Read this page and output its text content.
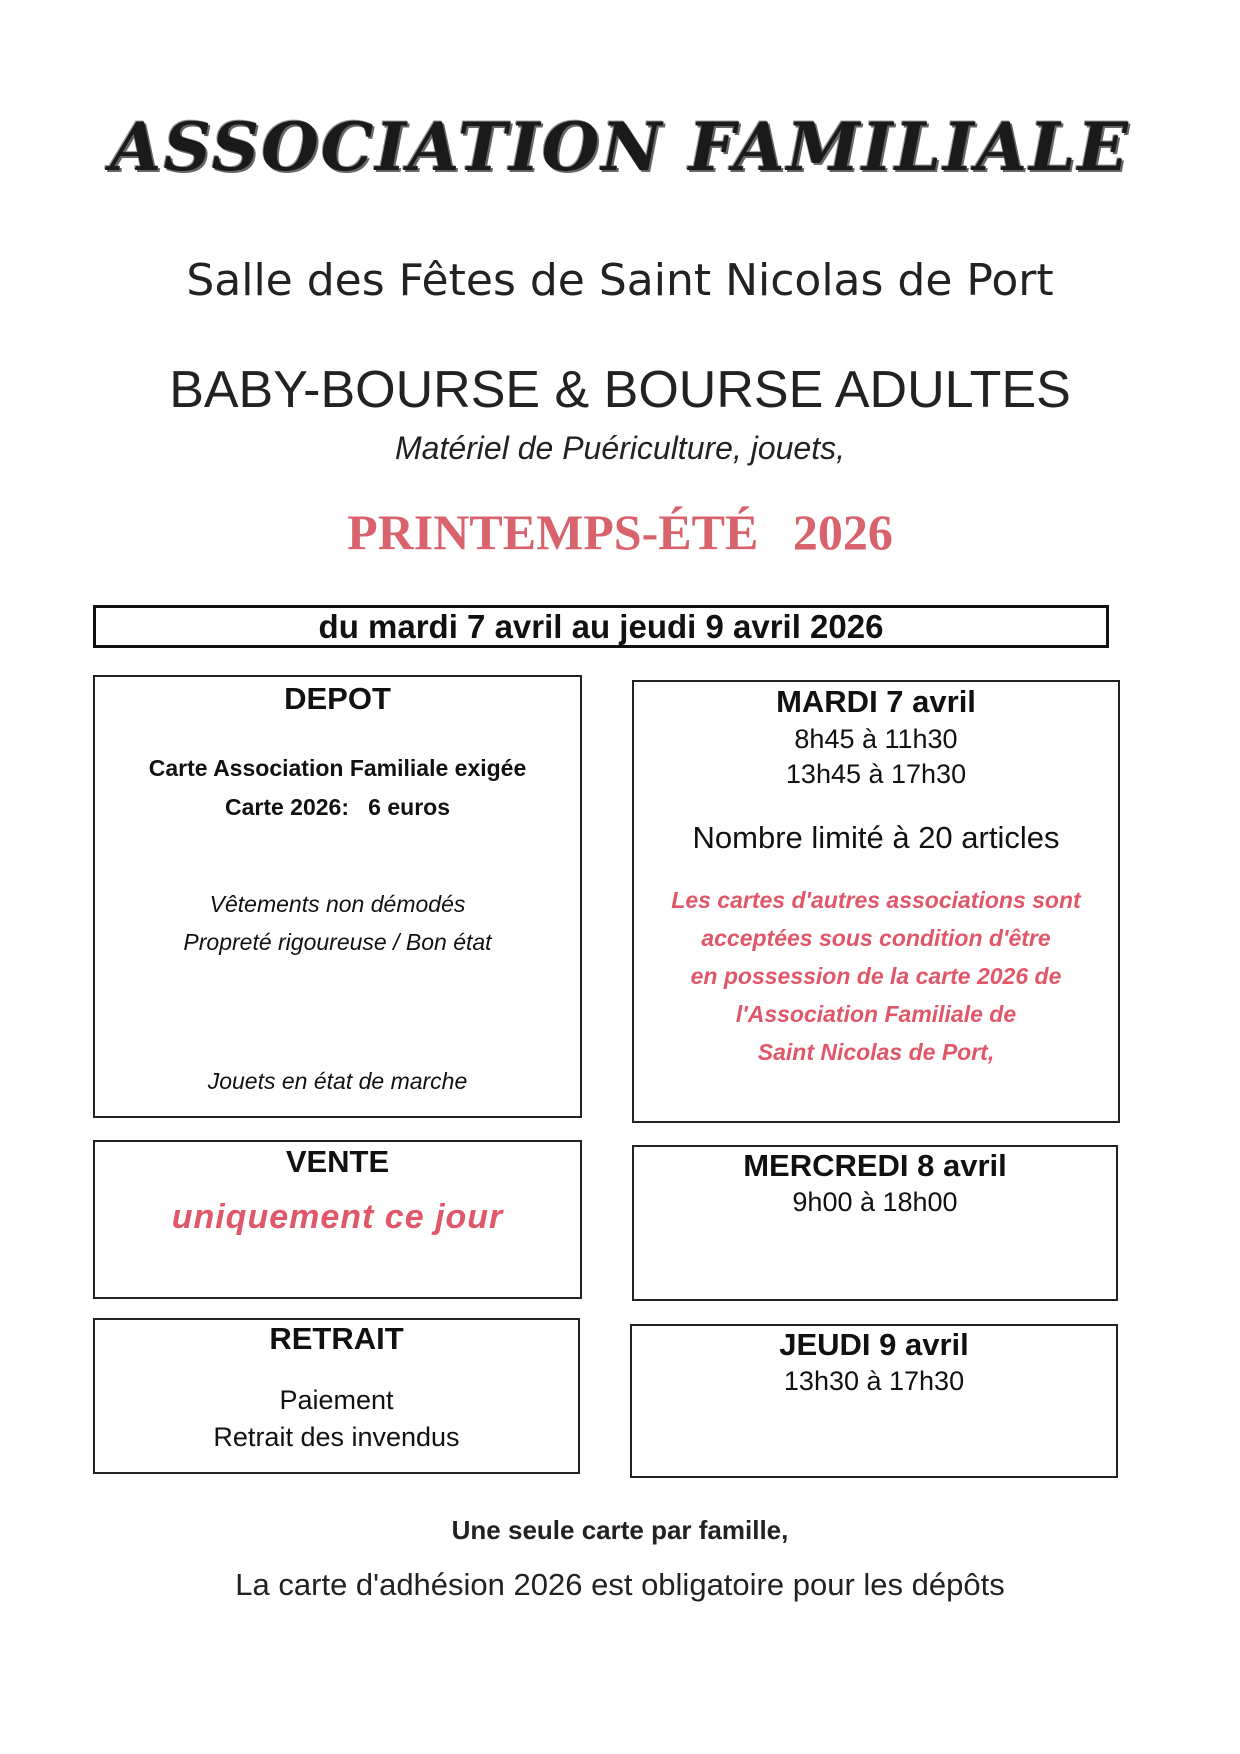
ASSOCIATION FAMILIALE
Salle des Fêtes de Saint Nicolas de Port
BABY-BOURSE & BOURSE ADULTES
Matériel de Puériculture, jouets,
PRINTEMPS-ÉTÉ 2026
du mardi 7 avril au jeudi 9 avril 2026
DEPOT
Carte Association Familiale exigée
Carte 2026:   6 euros
Vêtements non démodés
Propreté rigoureuse / Bon état
Jouets en état de marche
MARDI 7 avril
8h45 à 11h30
13h45 à 17h30
Nombre limité à 20 articles
Les cartes d'autres associations sont
acceptées sous condition d'être
en possession de la carte 2026 de
l'Association Familiale de
Saint Nicolas de Port,
VENTE
uniquement ce jour
MERCREDI 8 avril
9h00 à 18h00
RETRAIT
Paiement
Retrait des invendus
JEUDI 9 avril
13h30 à 17h30
Une seule carte par famille,
La carte d'adhésion 2026 est obligatoire pour les dépôts
